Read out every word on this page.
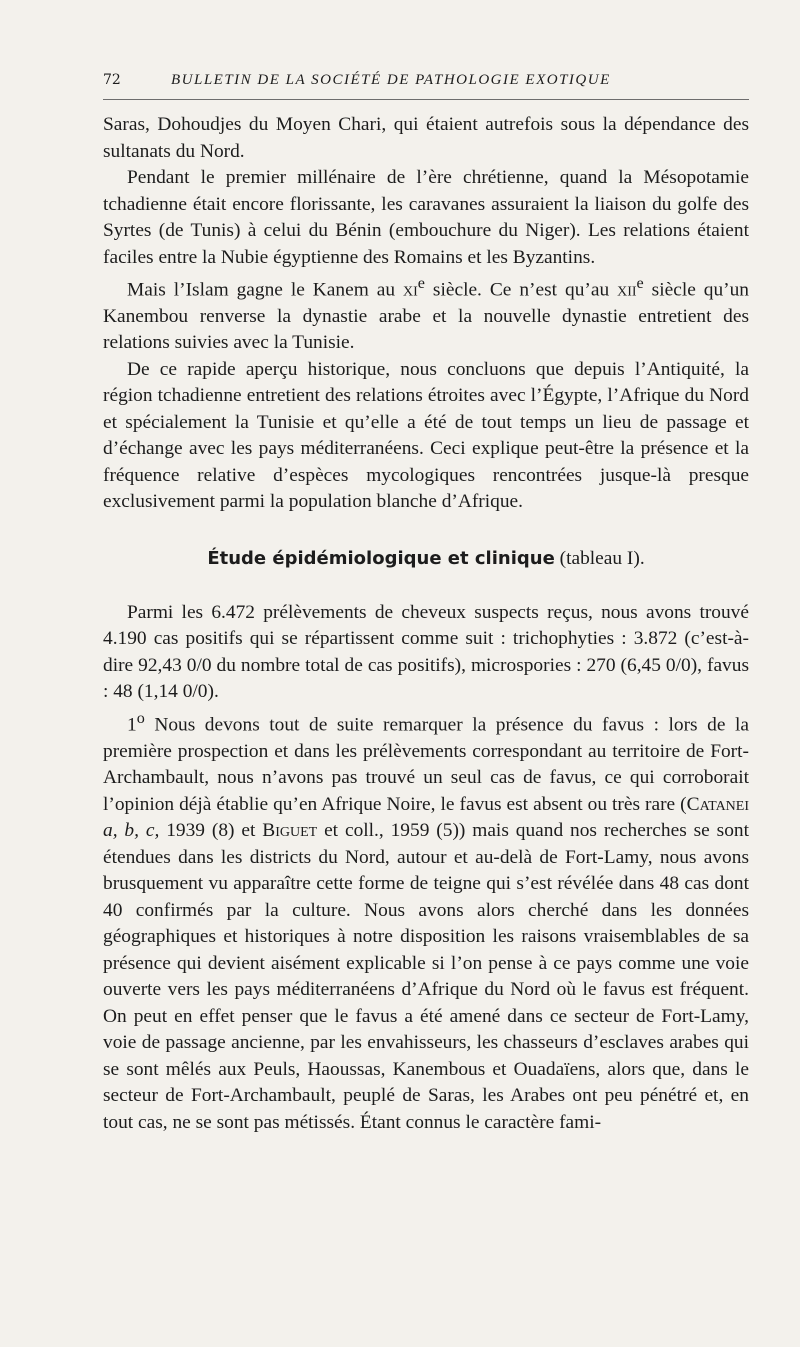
72	BULLETIN DE LA SOCIÉTÉ DE PATHOLOGIE EXOTIQUE

Saras, Dohoudjes du Moyen Chari, qui étaient autrefois sous la dépendance des sultanats du Nord.

Pendant le premier millénaire de l’ère chrétienne, quand la Mésopotamie tchadienne était encore florissante, les caravanes assuraient la liaison du golfe des Syrtes (de Tunis) à celui du Bénin (embouchure du Niger). Les relations étaient faciles entre la Nubie égyptienne des Romains et les Byzantins.

Mais l’Islam gagne le Kanem au $xi^e$ siècle. Ce n’est qu’au xii$^e$ siècle qu’un Kanembou renverse la dynastie arabe et la nouvelle dynastie entretient des relations suivies avec la Tunisie.

De ce rapide aperçu historique, nous concluons que depuis l’Antiquité, la région tchadienne entretient des relations étroites avec l’Égypte, l’Afrique du Nord et spécialement la Tunisie et qu’elle a été de tout temps un lieu de passage et d’échange avec les pays méditerranéens. Ceci explique peut-être la présence et la fréquence relative d’espèces mycologiques rencontrées jusque-là presque exclusivement parmi la population blanche d’Afrique.

Étude épidémiologique et clinique (tableau I).

Parmi les 6.472 prélèvements de cheveux suspects reçus, nous avons trouvé 4.190 cas positifs qui se répartissent comme suit : trichophyties : 3.872 (c’est-à-dire 92,43 0/0 du nombre total de cas positifs), microspories : 270 (6,45 0/0), favus : 48 (1,14 0/0).

1$^o$ Nous devons tout de suite remarquer la présence du favus : lors de la première prospection et dans les prélèvements correspondant au territoire de Fort-Archambault, nous n’avons pas trouvé un seul cas de favus, ce qui corroborait l’opinion déjà établie qu’en Afrique Noire, le favus est absent ou très rare (Catanei a, b, c, 1939 (8) et Biguet et coll., 1959 (5)) mais quand nos recherches se sont étendues dans les districts du Nord, autour et au-delà de Fort-Lamy, nous avons brusquement vu apparaître cette forme de teigne qui s’est révélée dans 48 cas dont 40 confirmés par la culture. Nous avons alors cherché dans les données géographiques et historiques à notre disposition les raisons vraisemblables de sa présence qui devient aisément explicable si l’on pense à ce pays comme une voie ouverte vers les pays méditerranéens d’Afrique du Nord où le favus est fréquent. On peut en effet penser que le favus a été amené dans ce secteur de Fort-Lamy, voie de passage ancienne, par les envahisseurs, les chasseurs d’esclaves arabes qui se sont mêlés aux Peuls, Haoussas, Kanembous et Ouadaïens, alors que, dans le secteur de Fort-Archambault, peuplé de Saras, les Arabes ont peu pénétré et, en tout cas, ne se sont pas métissés. Étant connus le caractère fami-
